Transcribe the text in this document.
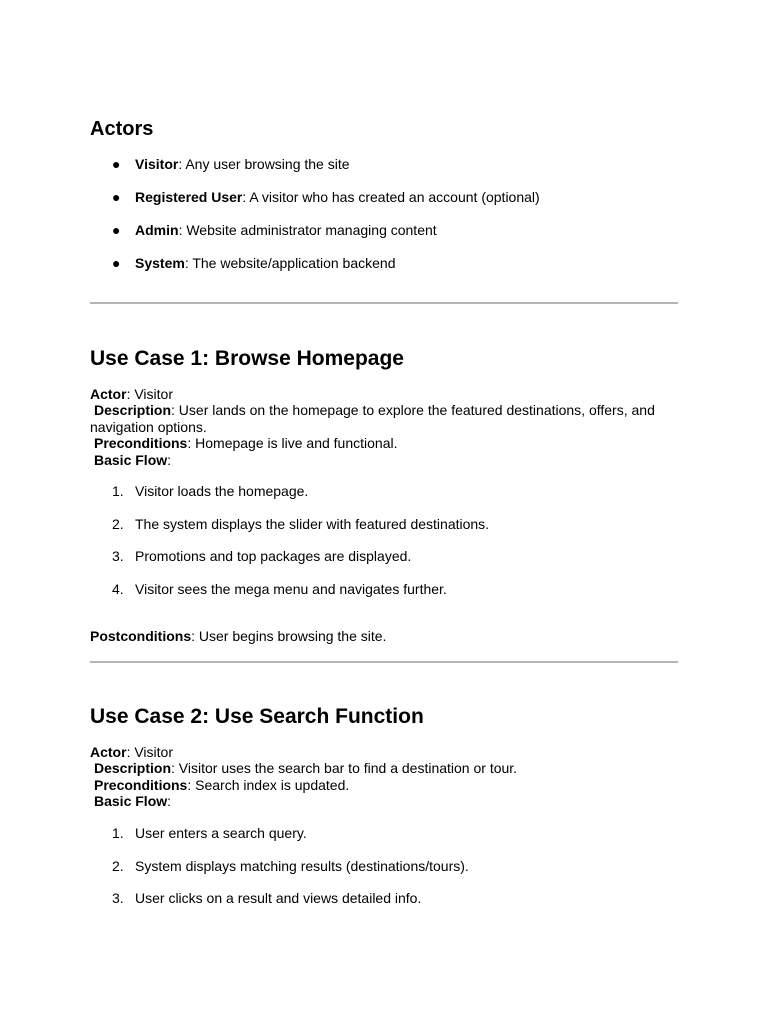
Actors
● Visitor: Any user browsing the site
● Registered User: A visitor who has created an account (optional)
● Admin: Website administrator managing content
● System: The website/application backend
Use Case 1: Browse Homepage
Actor: Visitor
Description: User lands on the homepage to explore the featured destinations, offers, and
navigation options.
Preconditions: Homepage is live and functional.
Basic Flow:
1. Visitor loads the homepage.
2. The system displays the slider with featured destinations.
3. Promotions and top packages are displayed.
4. Visitor sees the mega menu and navigates further.
Postconditions: User begins browsing the site.
Use Case 2: Use Search Function
Actor: Visitor
Description: Visitor uses the search bar to find a destination or tour.
Preconditions: Search index is updated.
Basic Flow:
1. User enters a search query.
2. System displays matching results (destinations/tours).
3. User clicks on a result and views detailed info.
